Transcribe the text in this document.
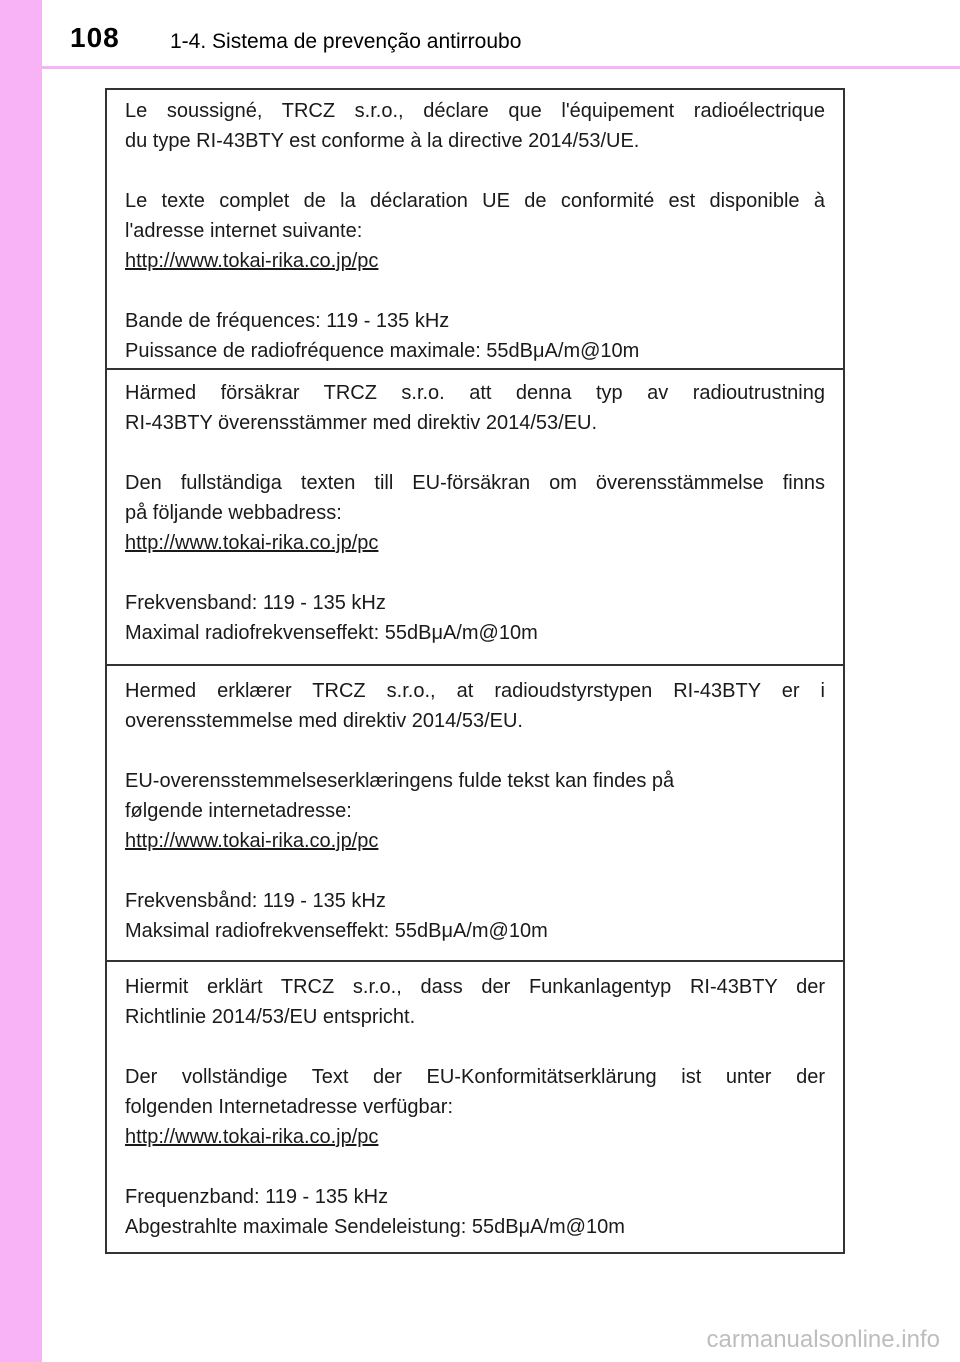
108 1-4. Sistema de prevenção antirroubo

Le soussigné, TRCZ s.r.o., déclare que l'équipement radioélectrique

du type RI-43BTY est conforme à la directive 2014/53/UE.

Le texte complet de la déclaration UE de conformité est disponible à

l'adresse internet suivante:

http://www.tokai-rika.co.jp/pc

Bande de fréquences: 119 - 135 kHz

Puissance de radiofréquence maximale: 55dBμA/m@10m

Härmed försäkrar TRCZ s.r.o. att denna typ av radioutrustning

RI-43BTY överensstämmer med direktiv 2014/53/EU.

Den fullständiga texten till EU-försäkran om överensstämmelse finns

på följande webbadress:

http://www.tokai-rika.co.jp/pc

Frekvensband: 119 - 135 kHz

Maximal radiofrekvenseffekt: 55dBμA/m@10m

Hermed erklærer TRCZ s.r.o., at radioudstyrstypen RI-43BTY er i

overensstemmelse med direktiv 2014/53/EU.

EU-overensstemmelseserklæringens fulde tekst kan findes på

følgende internetadresse:

http://www.tokai-rika.co.jp/pc

Frekvensbånd: 119 - 135 kHz

Maksimal radiofrekvenseffekt: 55dBμA/m@10m

Hiermit erklärt TRCZ s.r.o., dass der Funkanlagentyp RI-43BTY der

Richtlinie 2014/53/EU entspricht.

Der vollständige Text der EU-Konformitätserklärung ist unter der

folgenden Internetadresse verfügbar:

http://www.tokai-rika.co.jp/pc

Frequenzband: 119 - 135 kHz

Abgestrahlte maximale Sendeleistung: 55dBμA/m@10m

carmanualsonline.info
